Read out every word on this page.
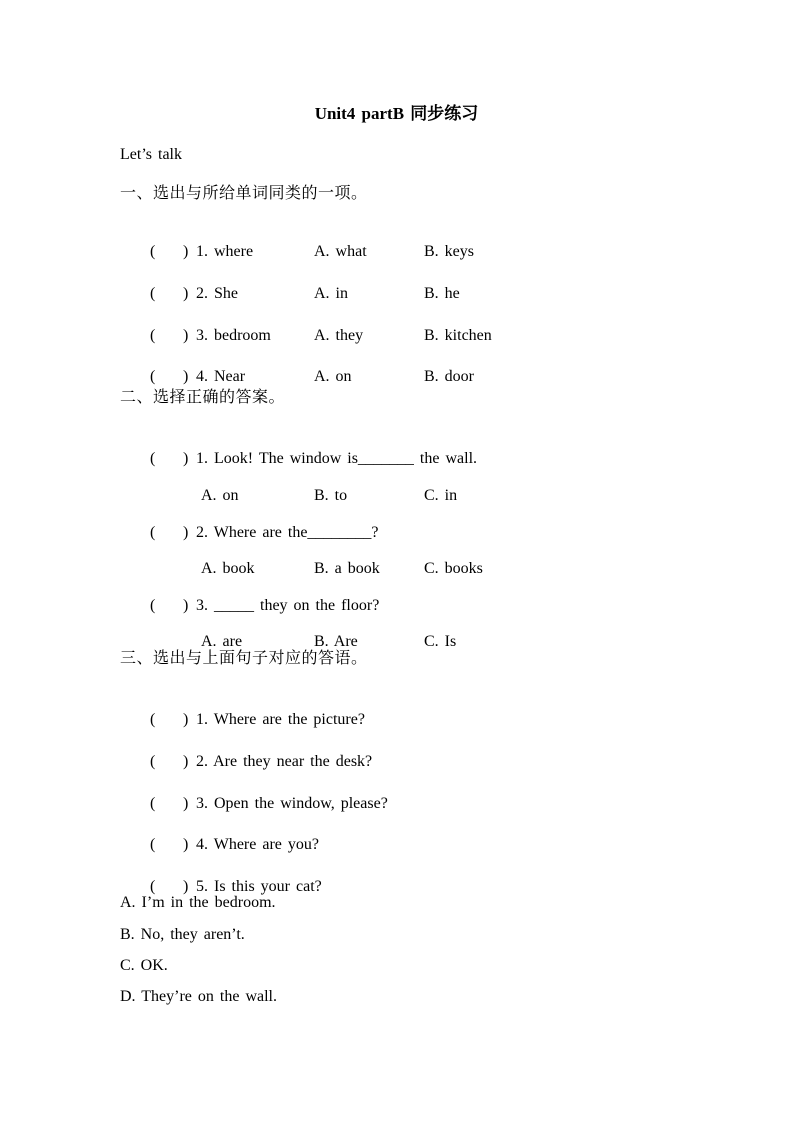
Unit4 partB 同步练习
Let’s talk
一、选出与所给单词同类的一项。

( ) 1. where	A. what	B. keys

( ) 2. She	A. in	B. he

( ) 3. bedroom	A. they	B. kitchen

( ) 4. Near	A. on	B. door

二、选择正确的答案。

( ) 1. Look! The window is_______ the wall.

A. on	B. to	C. in

( ) 2. Where are the________?

A. book	B. a book	C. books

( ) 3. _____ they on the floor?

A. are	B. Are	C. Is

三、选出与上面句子对应的答语。

( ) 1. Where are the picture?

( ) 2. Are they near the desk?

( ) 3. Open the window, please?

( ) 4. Where are you?

( ) 5. Is this your cat?

A. I’m in the bedroom.
B. No, they aren’t.
C. OK.
D. They’re on the wall.
